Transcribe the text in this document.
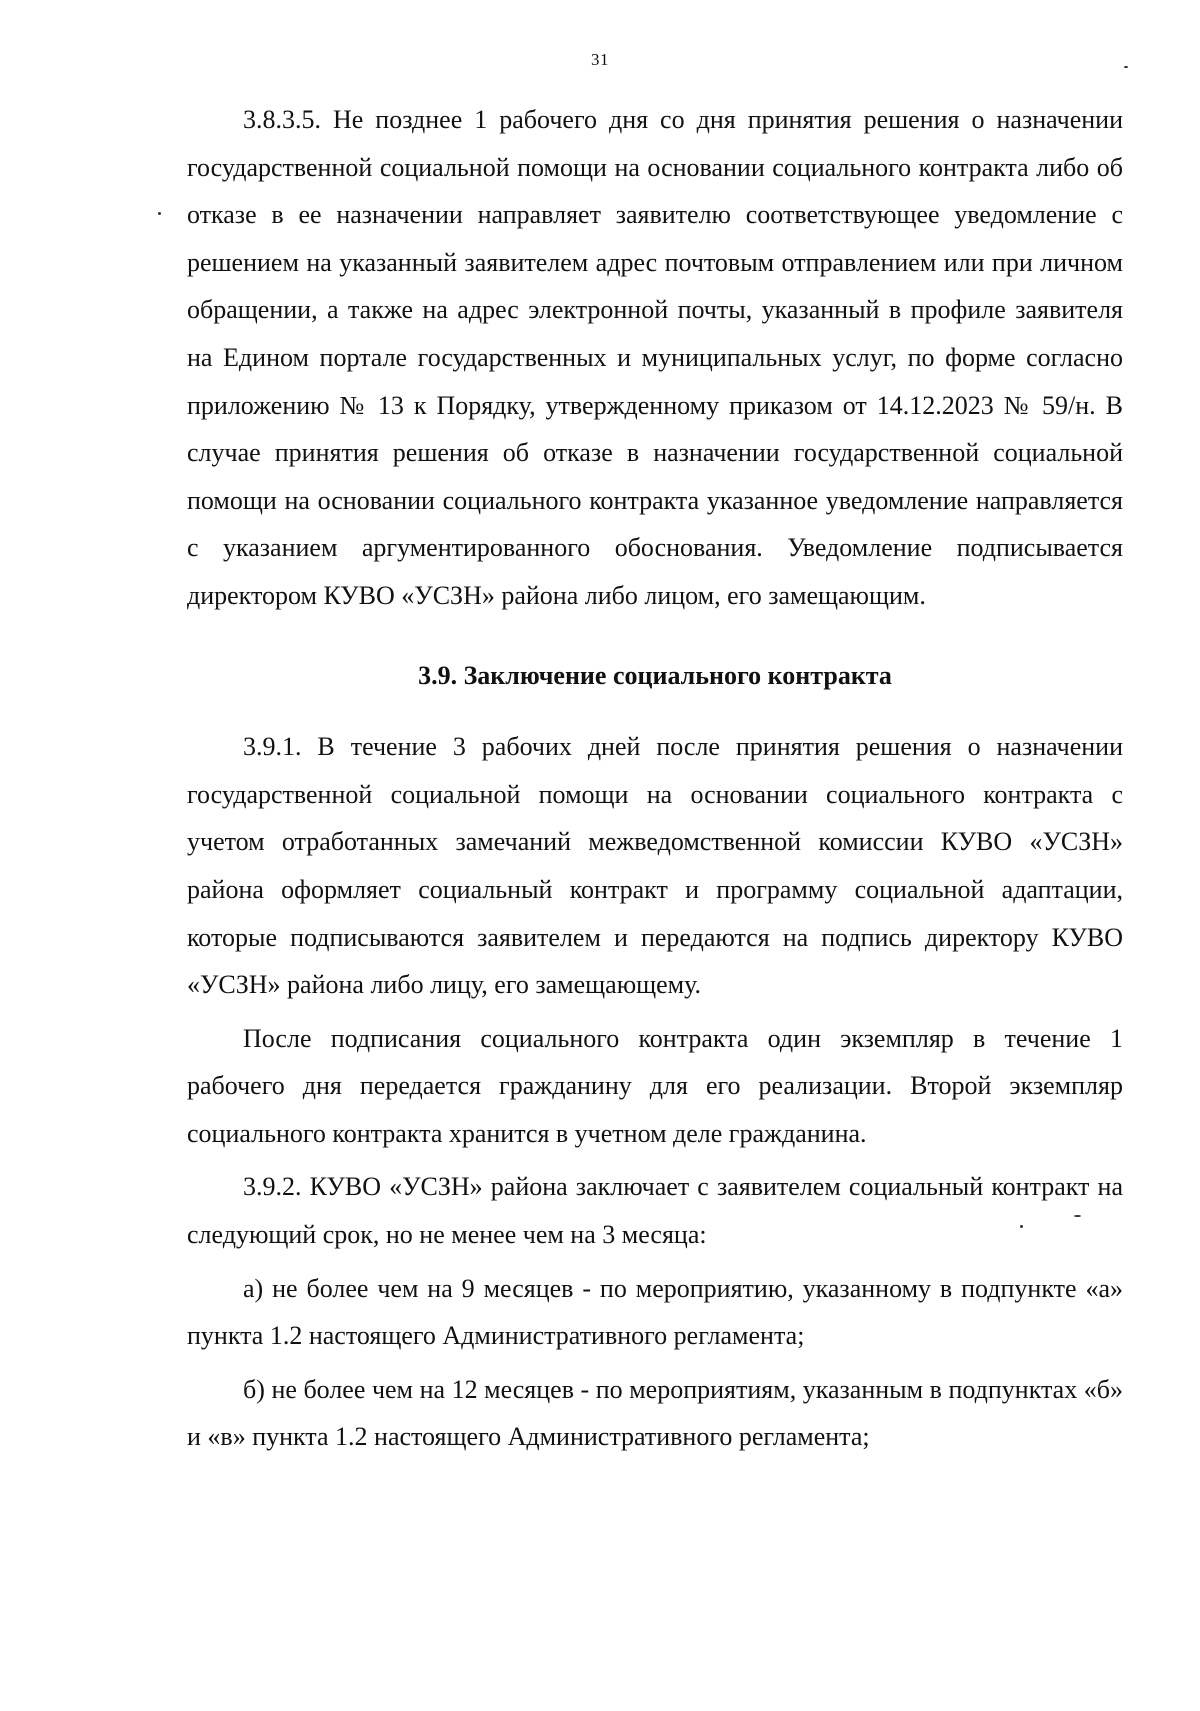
31

3.8.3.5. Не позднее 1 рабочего дня со дня принятия решения о назначении государственной социальной помощи на основании социального контракта либо об отказе в ее назначении направляет заявителю соответствующее уведомление с решением на указанный заявителем адрес почтовым отправлением или при личном обращении, а также на адрес электронной почты, указанный в профиле заявителя на Едином портале государственных и муниципальных услуг, по форме согласно приложению № 13 к Порядку, утвержденному приказом от 14.12.2023 № 59/н. В случае принятия решения об отказе в назначении государственной социальной помощи на основании социального контракта указанное уведомление направляется с указанием аргументированного обоснования. Уведомление подписывается директором КУВО «УСЗН» района либо лицом, его замещающим.

3.9. Заключение социального контракта

3.9.1. В течение 3 рабочих дней после принятия решения о назначении государственной социальной помощи на основании социального контракта с учетом отработанных замечаний межведомственной комиссии КУВО «УСЗН» района оформляет социальный контракт и программу социальной адаптации, которые подписываются заявителем и передаются на подпись директору КУВО «УСЗН» района либо лицу, его замещающему.

После подписания социального контракта один экземпляр в течение 1 рабочего дня передается гражданину для его реализации. Второй экземпляр социального контракта хранится в учетном деле гражданина.

3.9.2. КУВО «УСЗН» района заключает с заявителем социальный контракт на следующий срок, но не менее чем на 3 месяца:

а) не более чем на 9 месяцев - по мероприятию, указанному в подпункте «а» пункта 1.2 настоящего Административного регламента;

б) не более чем на 12 месяцев - по мероприятиям, указанным в подпунктах «б» и «в» пункта 1.2 настоящего Административного регламента;
